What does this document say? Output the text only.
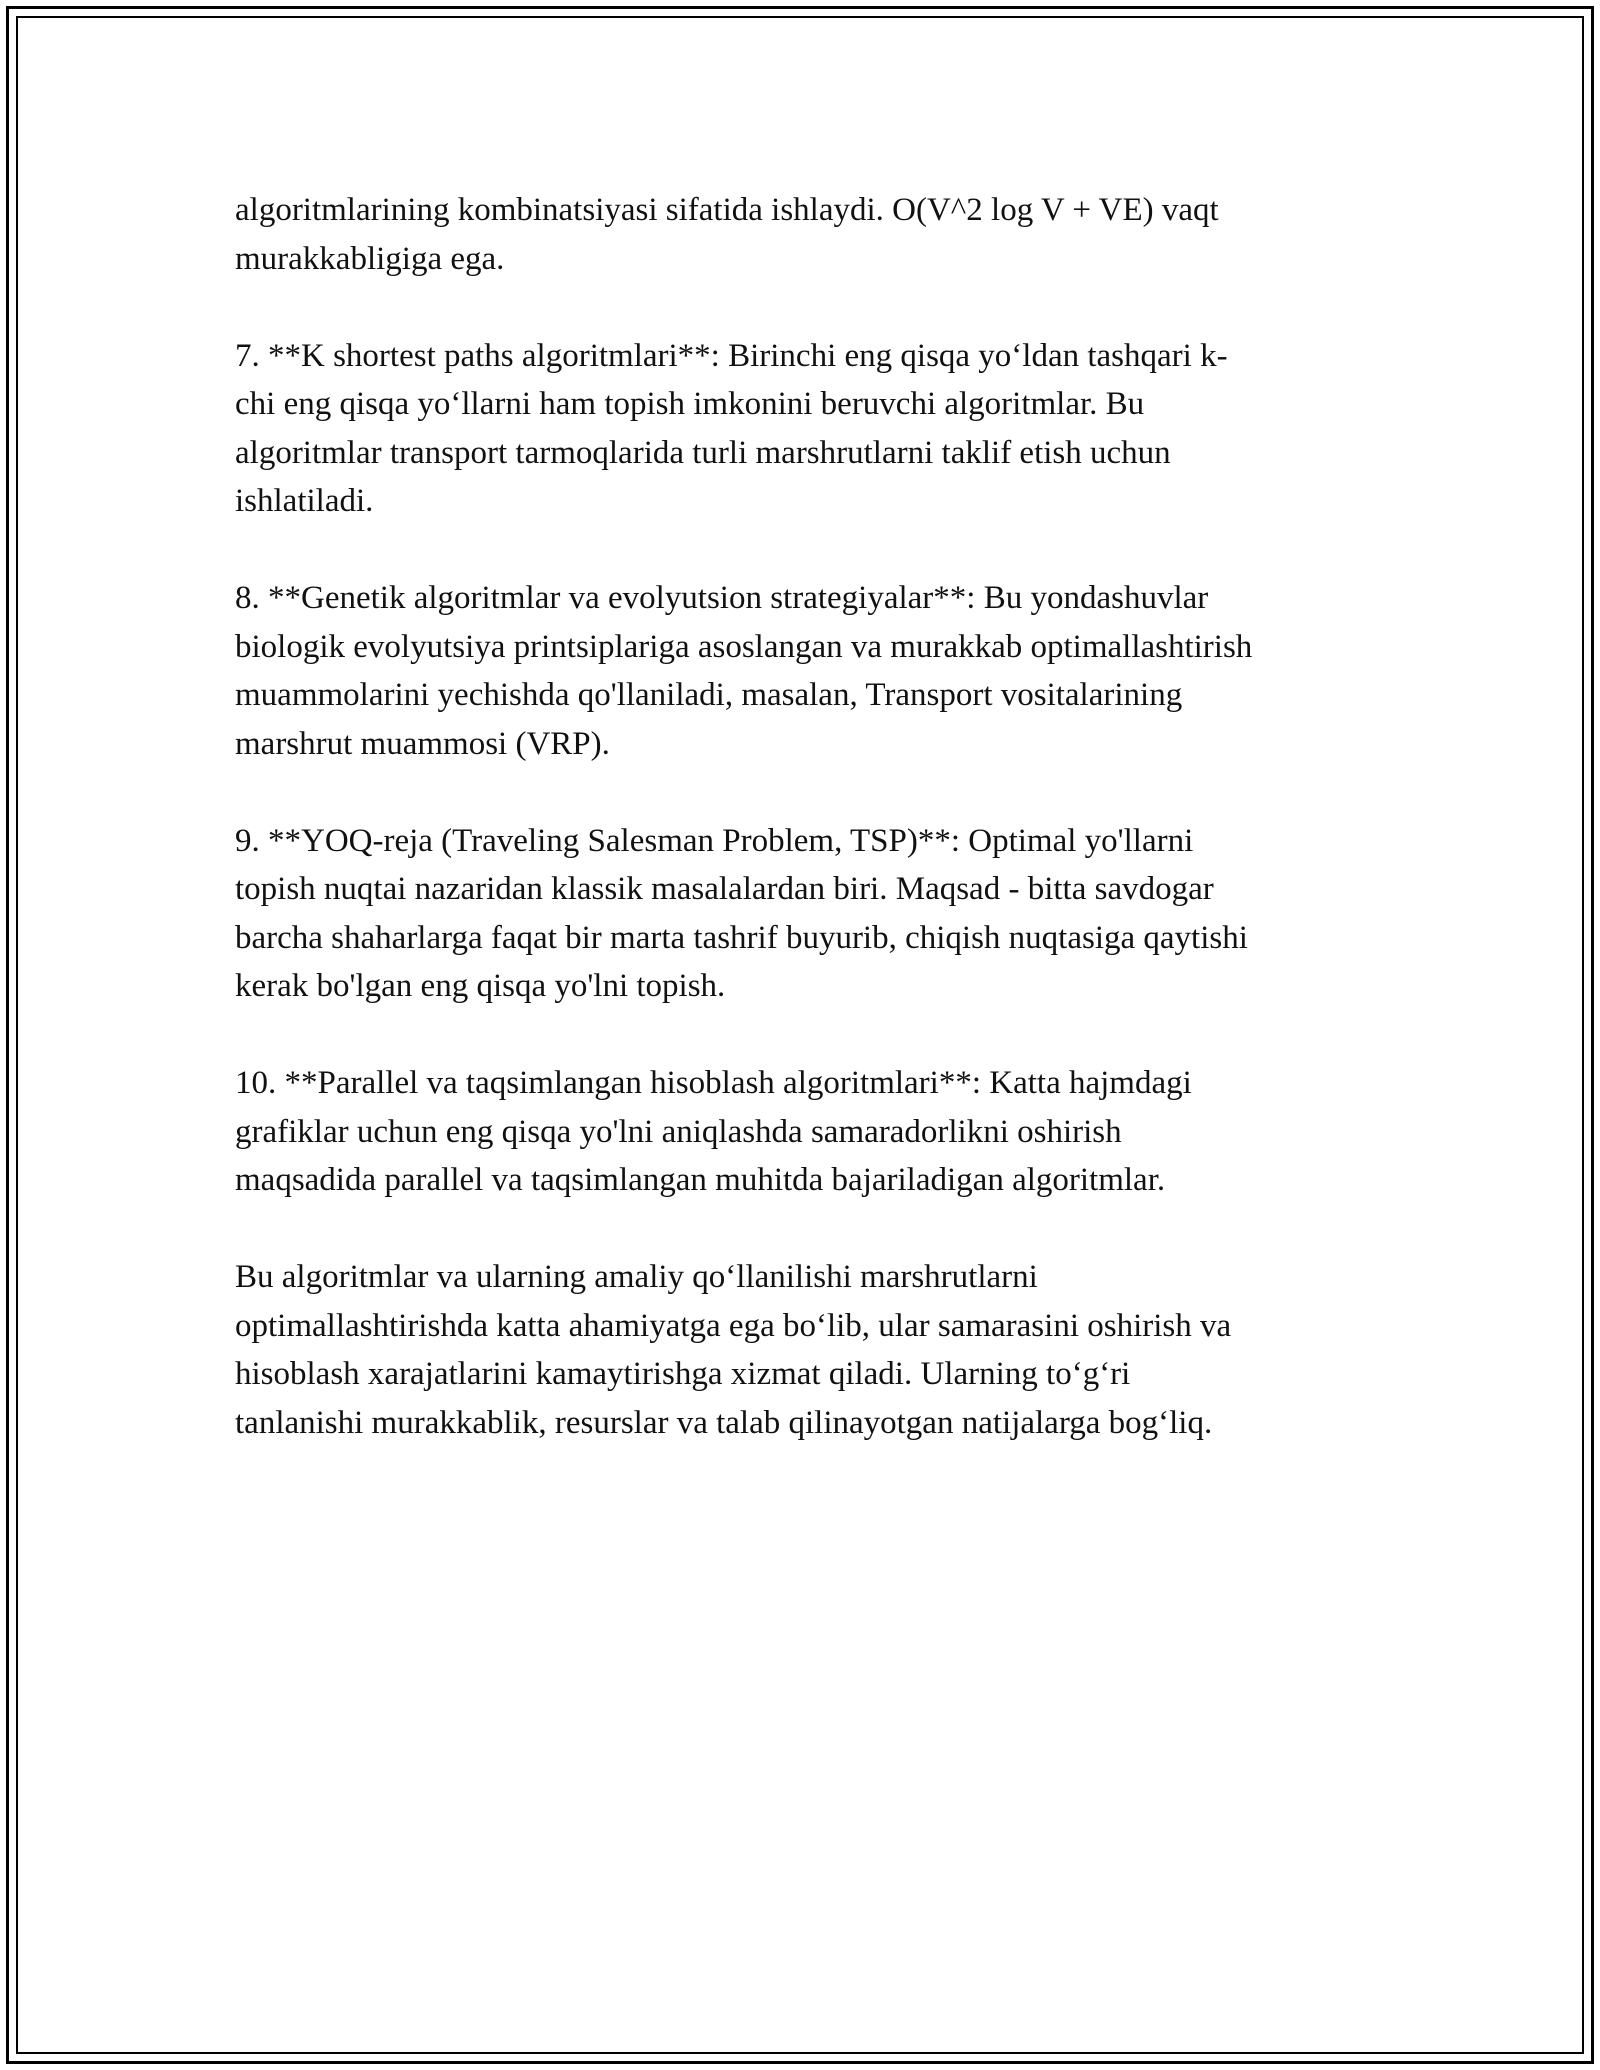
algoritmlarining kombinatsiyasi sifatida ishlaydi. O(V^2 log V + VE) vaqt
murakkabligiga ega.

7. **K shortest paths algoritmlari**: Birinchi eng qisqa yo‘ldan tashqari k-
chi eng qisqa yo‘llarni ham topish imkonini beruvchi algoritmlar. Bu
algoritmlar transport tarmoqlarida turli marshrutlarni taklif etish uchun
ishlatiladi.

8. **Genetik algoritmlar va evolyutsion strategiyalar**: Bu yondashuvlar
biologik evolyutsiya printsiplariga asoslangan va murakkab optimallashtirish
muammolarini yechishda qo'llaniladi, masalan, Transport vositalarining
marshrut muammosi (VRP).

9. **YOQ-reja (Traveling Salesman Problem, TSP)**: Optimal yo'llarni
topish nuqtai nazaridan klassik masalalardan biri. Maqsad - bitta savdogar
barcha shaharlarga faqat bir marta tashrif buyurib, chiqish nuqtasiga qaytishi
kerak bo'lgan eng qisqa yo'lni topish.

10. **Parallel va taqsimlangan hisoblash algoritmlari**: Katta hajmdagi
grafiklar uchun eng qisqa yo'lni aniqlashda samaradorlikni oshirish
maqsadida parallel va taqsimlangan muhitda bajariladigan algoritmlar.

Bu algoritmlar va ularning amaliy qo‘llanilishi marshrutlarni
optimallashtirishda katta ahamiyatga ega bo‘lib, ular samarasini oshirish va
hisoblash xarajatlarini kamaytirishga xizmat qiladi. Ularning to‘g‘ri
tanlanishi murakkablik, resurslar va talab qilinayotgan natijalarga bog‘liq.
